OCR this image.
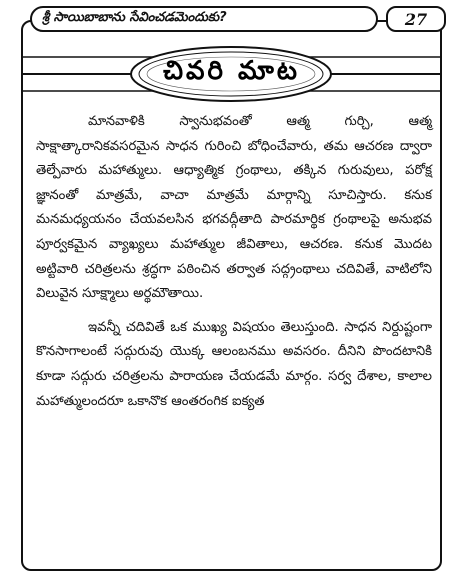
శ్రీ సాయిబాబాను సేవించడమెందుకు?	27
చివరి మాట

మానవాళికి స్వానుభవంతో ఆత్మ గుర్చి, ఆత్మ సాక్షాత్కారానికవసరమైన సాధన గురించి బోధించేవారు, తమ ఆచరణ ద్వారా తెల్పేవారు మహాత్ములు. ఆధ్యాత్మిక గ్రంథాలు, తక్కిన గురువులు, పరోక్ష జ్ఞానంతో మాత్రమే, వాచా మాత్రమే మార్గాన్ని సూచిస్తారు. కనుక మనమధ్యయనం చేయవలసిన భగవద్గీతాది పారమార్థిక గ్రంథాలపై అనుభవ పూర్వకమైన వ్యాఖ్యలు మహాత్ముల జీవితాలు, ఆచరణ. కనుక మొదట అట్టివారి చరిత్రలను శ్రద్ధగా పఠించిన తర్వాత సద్గ్రంథాలు చదివితే, వాటిలోని విలువైన సూక్ష్మాలు అర్థమౌతాయి.

ఇవన్నీ చదివితే ఒక ముఖ్య విషయం తెలుస్తుంది. సాధన నిర్దుష్టంగా కొనసాగాలంటే సద్గురువు యొక్క ఆలంబనము అవసరం. దీనిని పొందటానికి కూడా సద్గురు చరిత్రలను పారాయణ చేయడమే మార్గం. సర్వ దేశాల, కాలాల మహాత్ములందరూ ఒకానొక ఆంతరంగిక ఐక్యత
